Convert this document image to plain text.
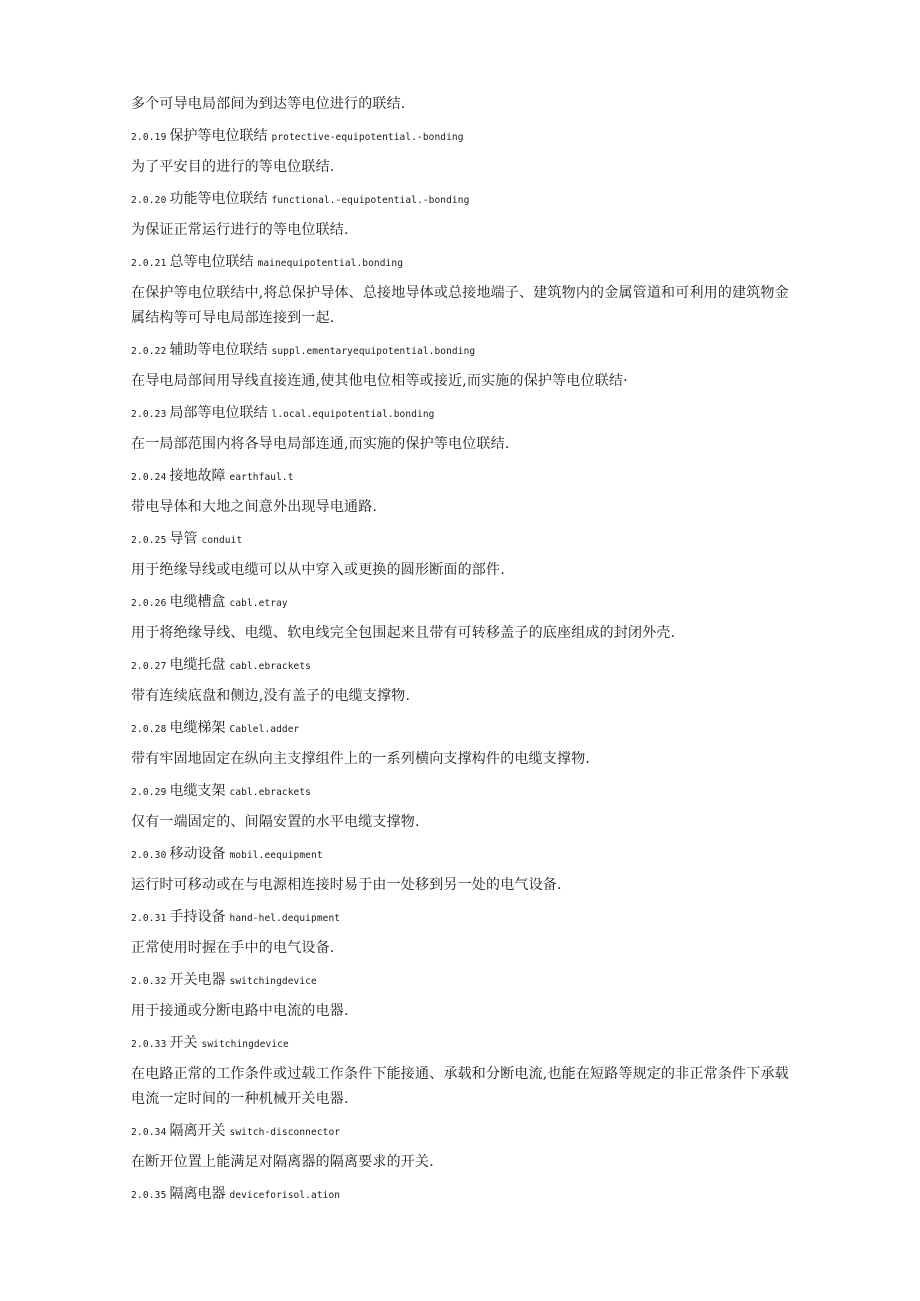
多个可导电局部间为到达等电位进行的联结.

2.0.19 保护等电位联结 protective-equipotential.-bonding

为了平安目的进行的等电位联结.

2.0.20 功能等电位联结 functional.-equipotential.-bonding

为保证正常运行进行的等电位联结.

2.0.21 总等电位联结 mainequipotential.bonding

在保护等电位联结中,将总保护导体、总接地导体或总接地端子、建筑物内的金属管道和可利用的建筑物金属结构等可导电局部连接到一起.

2.0.22 辅助等电位联结 suppl.ementaryequipotential.bonding

在导电局部间用导线直接连通,使其他电位相等或接近,而实施的保护等电位联结·

2.0.23 局部等电位联结 l.ocal.equipotential.bonding

在一局部范围内将各导电局部连通,而实施的保护等电位联结.

2.0.24 接地故障 earthfaul.t

带电导体和大地之间意外出现导电通路.

2.0.25 导管 conduit

用于绝缘导线或电缆可以从中穿入或更换的圆形断面的部件.

2.0.26 电缆槽盒 cabl.etray

用于将绝缘导线、电缆、软电线完全包围起来且带有可转移盖子的底座组成的封闭外壳.

2.0.27 电缆托盘 cabl.ebrackets

带有连续底盘和侧边,没有盖子的电缆支撑物.

2.0.28 电缆梯架 Cablel.adder

带有牢固地固定在纵向主支撑组件上的一系列横向支撑构件的电缆支撑物.

2.0.29 电缆支架 cabl.ebrackets

仅有一端固定的、间隔安置的水平电缆支撑物.

2.0.30 移动设备 mobil.eequipment

运行时可移动或在与电源相连接时易于由一处移到另一处的电气设备.

2.0.31 手持设备 hand-hel.dequipment

正常使用时握在手中的电气设备.

2.0.32 开关电器 switchingdevice

用于接通或分断电路中电流的电器.

2.0.33 开关 switchingdevice

在电路正常的工作条件或过载工作条件下能接通、承载和分断电流,也能在短路等规定的非正常条件下承载电流一定时间的一种机械开关电器.

2.0.34 隔离开关 switch-disconnector

在断开位置上能满足对隔离器的隔离要求的开关.

2.0.35 隔离电器 deviceforisol.ation
